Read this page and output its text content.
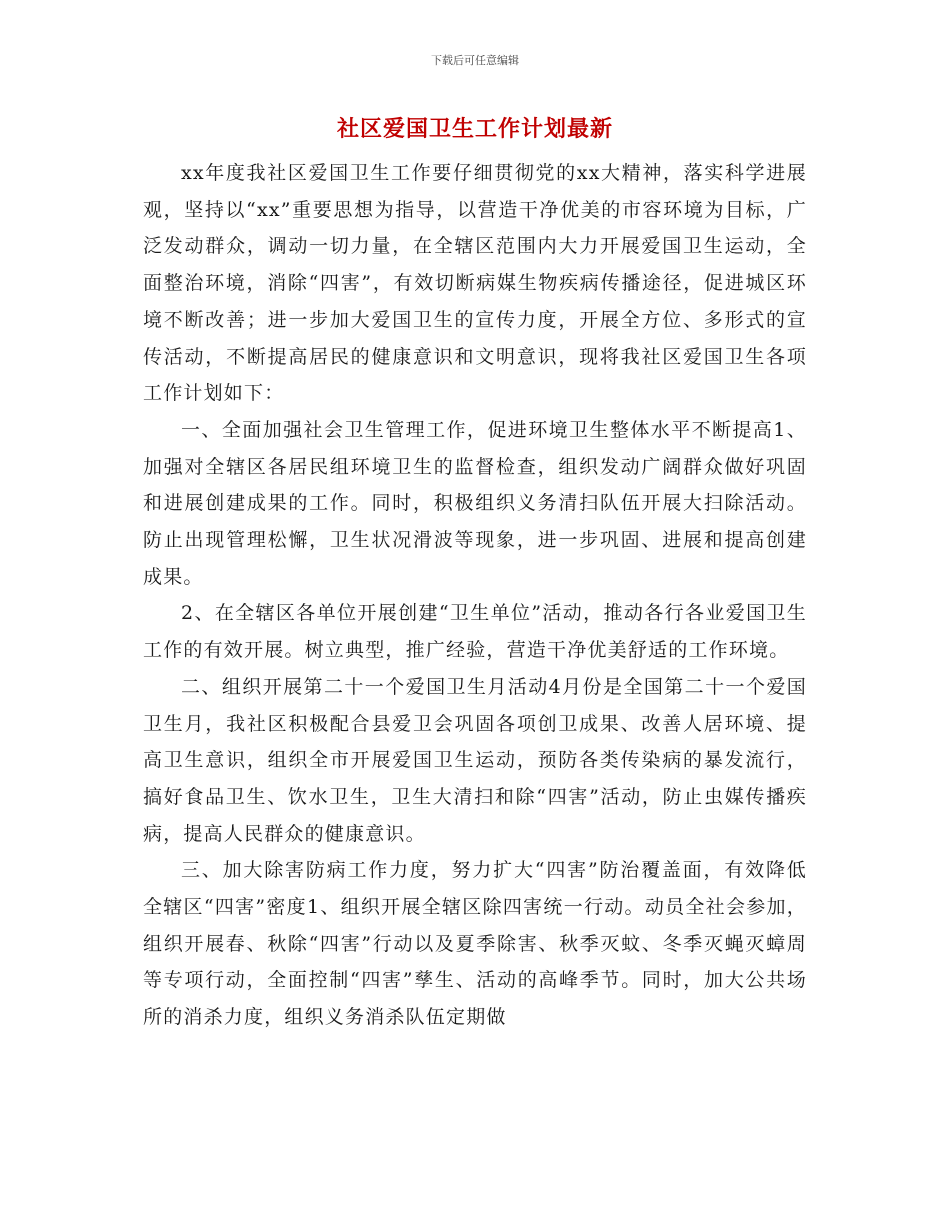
下载后可任意编辑
社区爱国卫生工作计划最新

xx年度我社区爱国卫生工作要仔细贯彻党的xx大精神，落实科学进展观，坚持以“xx”重要思想为指导，以营造干净优美的市容环境为目标，广泛发动群众，调动一切力量，在全辖区范围内大力开展爱国卫生运动，全面整治环境，消除“四害”，有效切断病媒生物疾病传播途径，促进城区环境不断改善；进一步加大爱国卫生的宣传力度，开展全方位、多形式的宣传活动，不断提高居民的健康意识和文明意识，现将我社区爱国卫生各项工作计划如下：

一、全面加强社会卫生管理工作，促进环境卫生整体水平不断提高1、加强对全辖区各居民组环境卫生的监督检查，组织发动广阔群众做好巩固和进展创建成果的工作。同时，积极组织义务清扫队伍开展大扫除活动。防止出现管理松懈，卫生状况滑波等现象，进一步巩固、进展和提高创建成果。

2、在全辖区各单位开展创建“卫生单位”活动，推动各行各业爱国卫生工作的有效开展。树立典型，推广经验，营造干净优美舒适的工作环境。

二、组织开展第二十一个爱国卫生月活动4月份是全国第二十一个爱国卫生月，我社区积极配合县爱卫会巩固各项创卫成果、改善人居环境、提高卫生意识，组织全市开展爱国卫生运动，预防各类传染病的暴发流行，搞好食品卫生、饮水卫生，卫生大清扫和除“四害”活动，防止虫媒传播疾病，提高人民群众的健康意识。

三、加大除害防病工作力度，努力扩大“四害”防治覆盖面，有效降低全辖区“四害”密度1、组织开展全辖区除四害统一行动。动员全社会参加，组织开展春、秋除“四害”行动以及夏季除害、秋季灭蚊、冬季灭蝇灭蟑周等专项行动，全面控制“四害”孳生、活动的高峰季节。同时，加大公共场所的消杀力度，组织义务消杀队伍定期做
